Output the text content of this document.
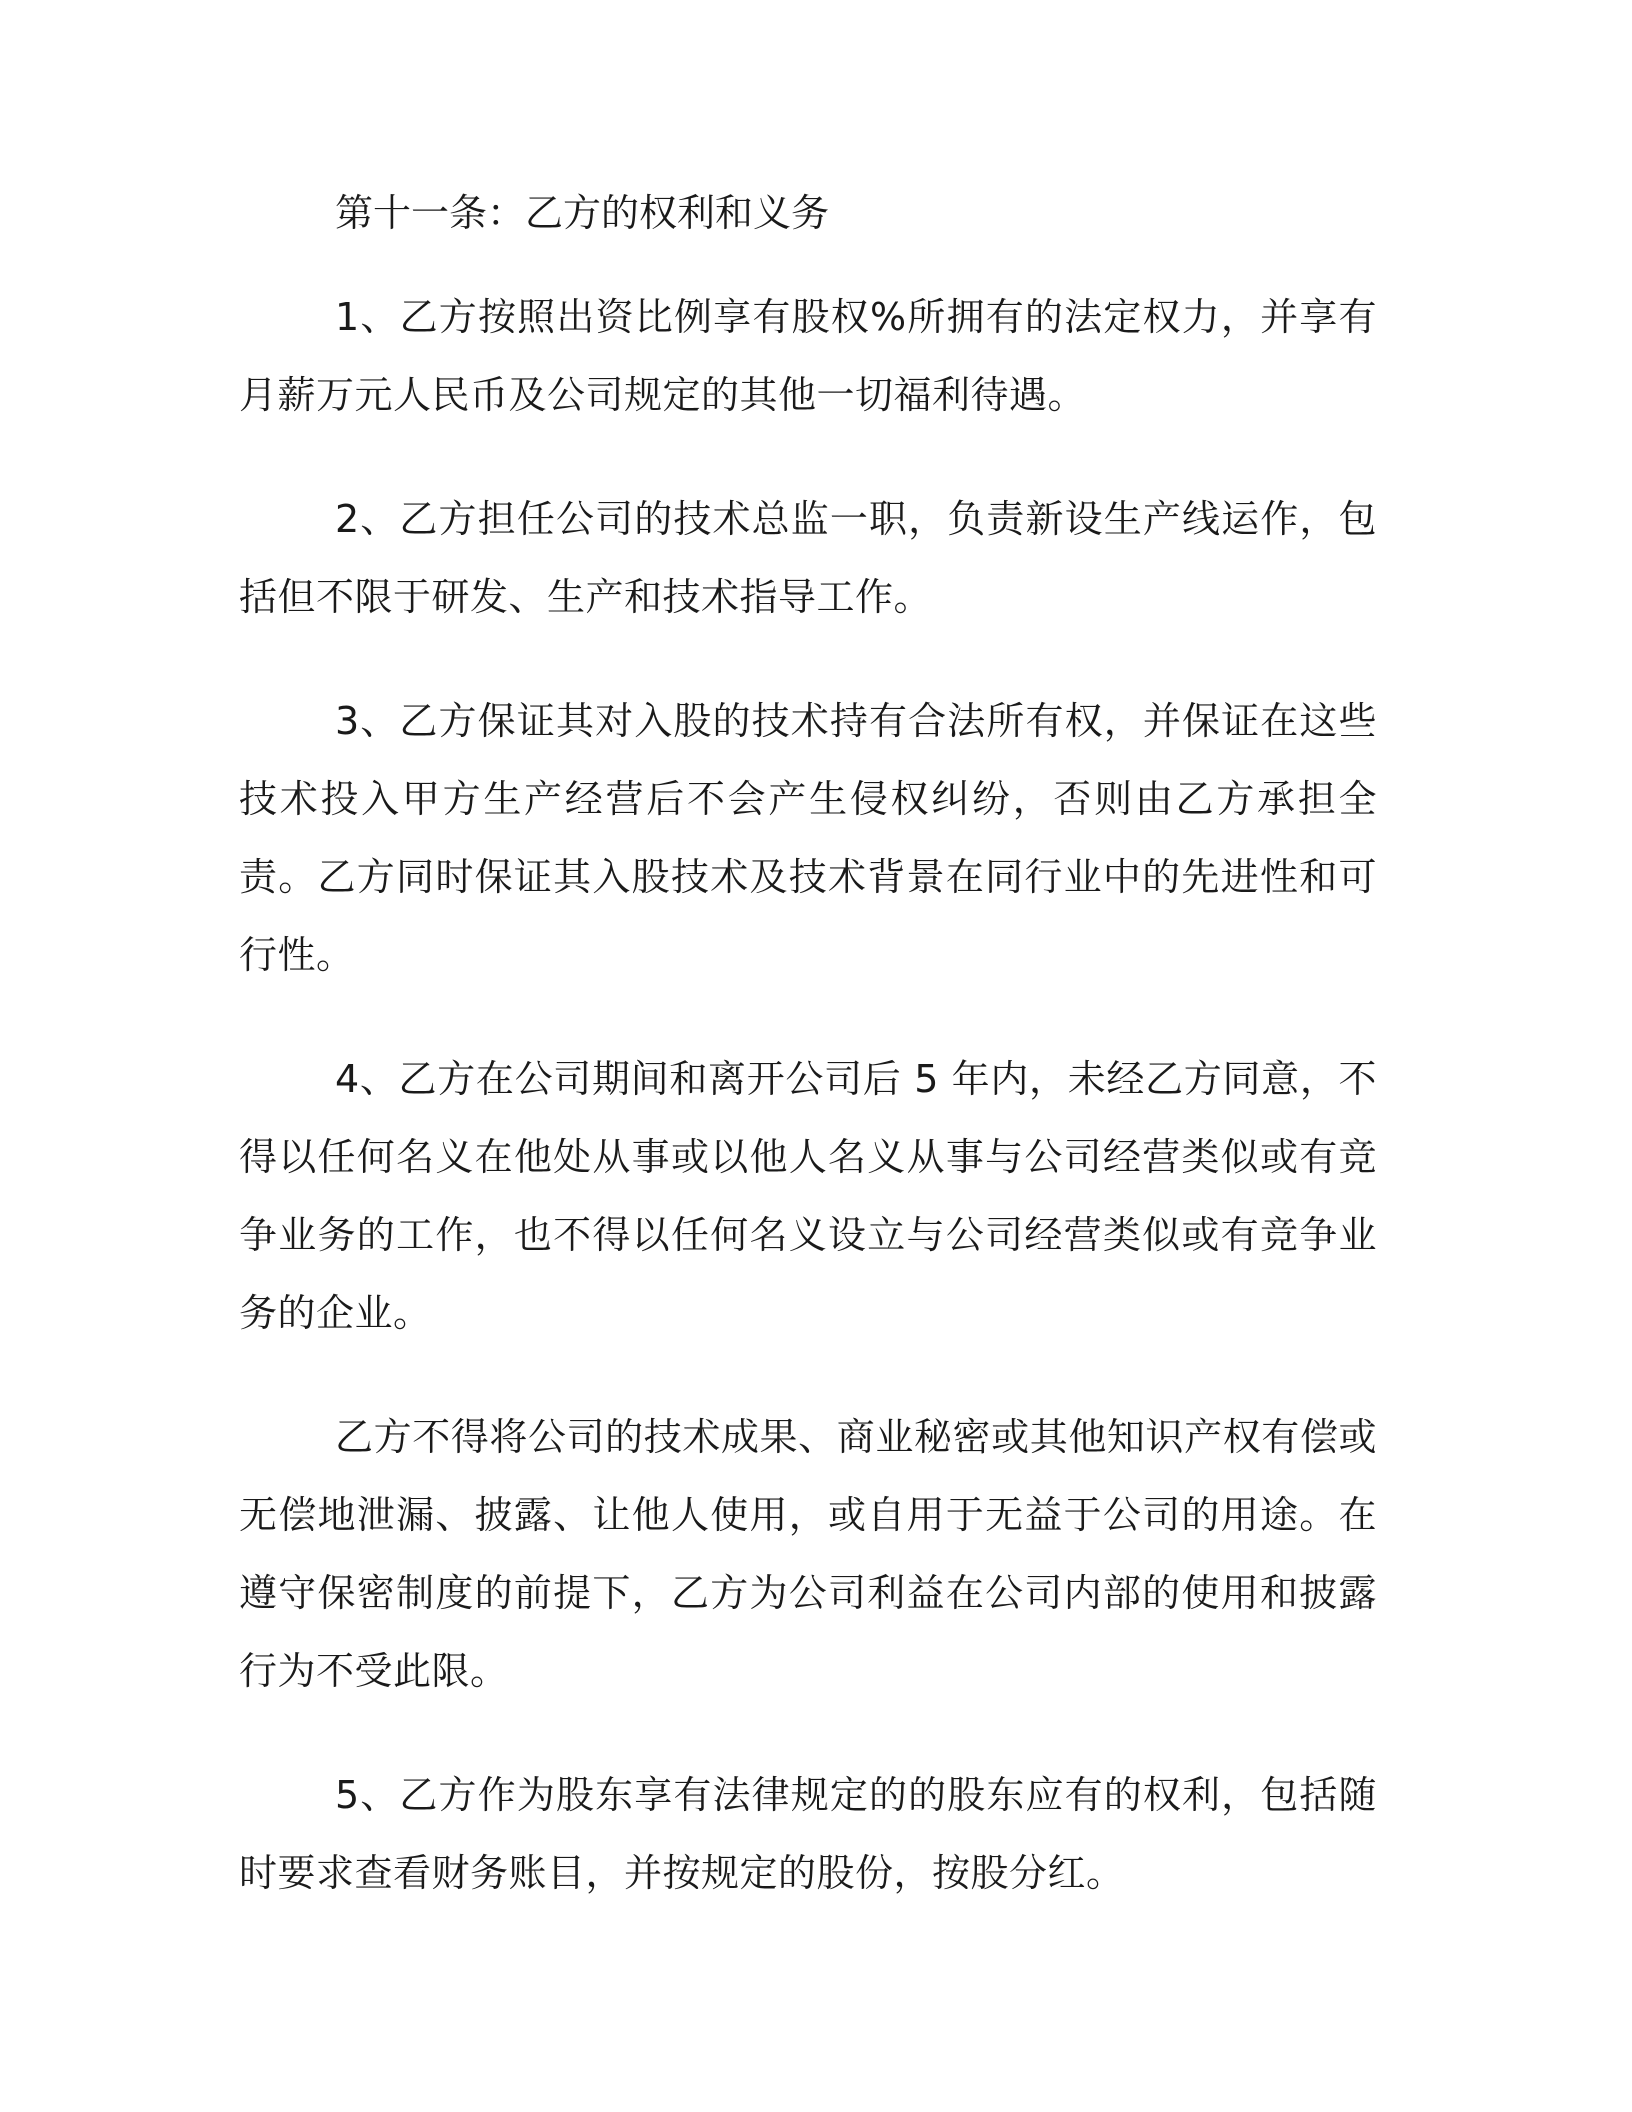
第十一条：乙方的权利和义务

1、乙方按照出资比例享有股权%所拥有的法定权力，并享有月薪万元人民币及公司规定的其他一切福利待遇。

2、乙方担任公司的技术总监一职，负责新设生产线运作，包括但不限于研发、生产和技术指导工作。

3、乙方保证其对入股的技术持有合法所有权，并保证在这些技术投入甲方生产经营后不会产生侵权纠纷，否则由乙方承担全责。乙方同时保证其入股技术及技术背景在同行业中的先进性和可行性。

4、乙方在公司期间和离开公司后 5 年内，未经乙方同意，不得以任何名义在他处从事或以他人名义从事与公司经营类似或有竞争业务的工作，也不得以任何名义设立与公司经营类似或有竞争业务的企业。

乙方不得将公司的技术成果、商业秘密或其他知识产权有偿或无偿地泄漏、披露、让他人使用，或自用于无益于公司的用途。在遵守保密制度的前提下，乙方为公司利益在公司内部的使用和披露行为不受此限。

5、乙方作为股东享有法律规定的的股东应有的权利，包括随时要求查看财务账目，并按规定的股份，按股分红。
